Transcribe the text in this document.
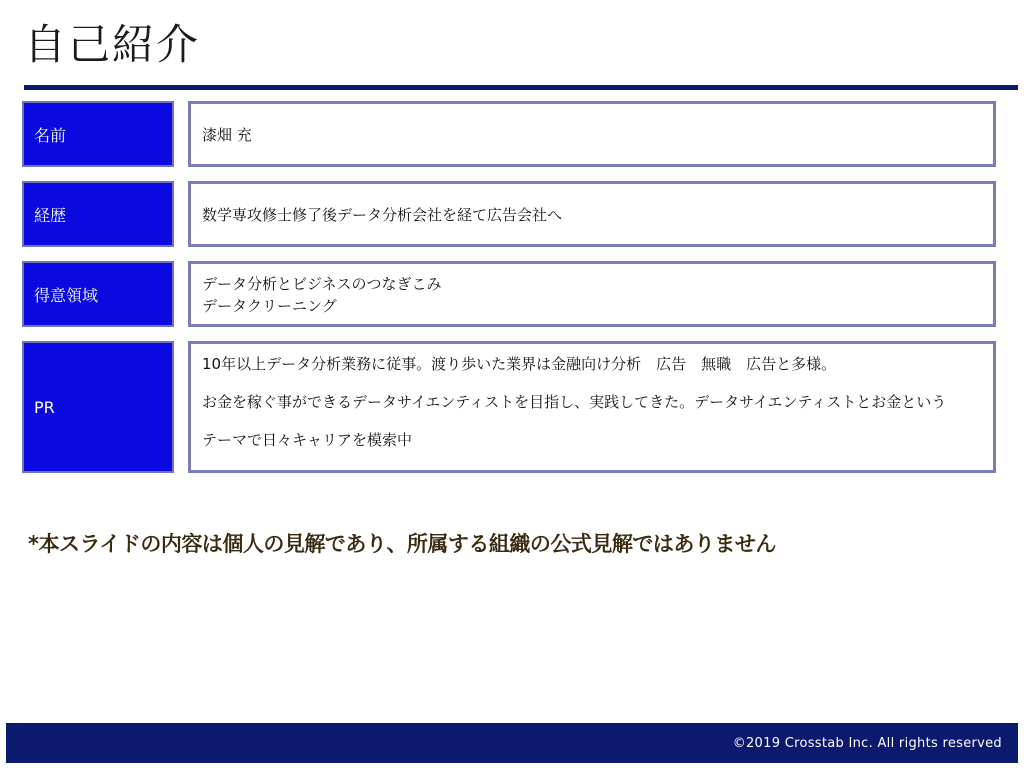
自己紹介
名前	漆畑 充
経歴	数学専攻修士修了後データ分析会社を経て広告会社へ
得意領域
データ分析とビジネスのつなぎこみ
データクリーニング
PR
10年以上データ分析業務に従事。渡り歩いた業界は金融向け分析　広告　無職　広告と多様。
お金を稼ぐ事ができるデータサイエンティストを目指し、実践してきた。データサイエンティストとお金という
テーマで日々キャリアを模索中
*本スライドの内容は個人の見解であり、所属する組織の公式見解ではありません
©2019 Crosstab Inc. All rights reserved
